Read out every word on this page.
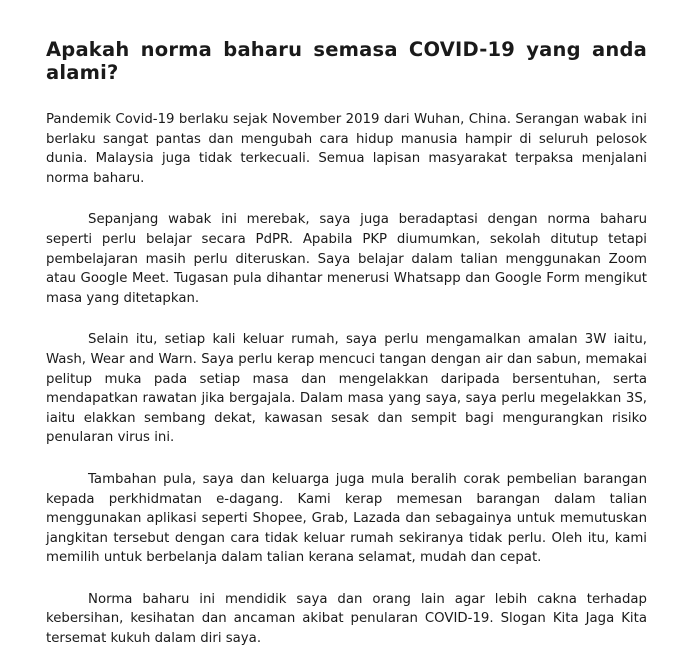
Apakah norma baharu semasa COVID-19 yang anda alami?

Pandemik Covid-19 berlaku sejak November 2019 dari Wuhan, China. Serangan wabak ini berlaku sangat pantas dan mengubah cara hidup manusia hampir di seluruh pelosok dunia. Malaysia juga tidak terkecuali. Semua lapisan masyarakat terpaksa menjalani norma baharu.

Sepanjang wabak ini merebak, saya juga beradaptasi dengan norma baharu seperti perlu belajar secara PdPR. Apabila PKP diumumkan, sekolah ditutup tetapi pembelajaran masih perlu diteruskan. Saya belajar dalam talian menggunakan Zoom atau Google Meet. Tugasan pula dihantar menerusi Whatsapp dan Google Form mengikut masa yang ditetapkan.

Selain itu, setiap kali keluar rumah, saya perlu mengamalkan amalan 3W iaitu, Wash, Wear and Warn. Saya perlu kerap mencuci tangan dengan air dan sabun, memakai pelitup muka pada setiap masa dan mengelakkan daripada bersentuhan, serta mendapatkan rawatan jika bergajala. Dalam masa yang saya, saya perlu megelakkan 3S, iaitu elakkan sembang dekat, kawasan sesak dan sempit bagi mengurangkan risiko penularan virus ini.

Tambahan pula, saya dan keluarga juga mula beralih corak pembelian barangan kepada perkhidmatan e-dagang. Kami kerap memesan barangan dalam talian menggunakan aplikasi seperti Shopee, Grab, Lazada dan sebagainya untuk memutuskan jangkitan tersebut dengan cara tidak keluar rumah sekiranya tidak perlu. Oleh itu, kami memilih untuk berbelanja dalam talian kerana selamat, mudah dan cepat.

Norma baharu ini mendidik saya dan orang lain agar lebih cakna terhadap kebersihan, kesihatan dan ancaman akibat penularan COVID-19. Slogan Kita Jaga Kita tersemat kukuh dalam diri saya.
